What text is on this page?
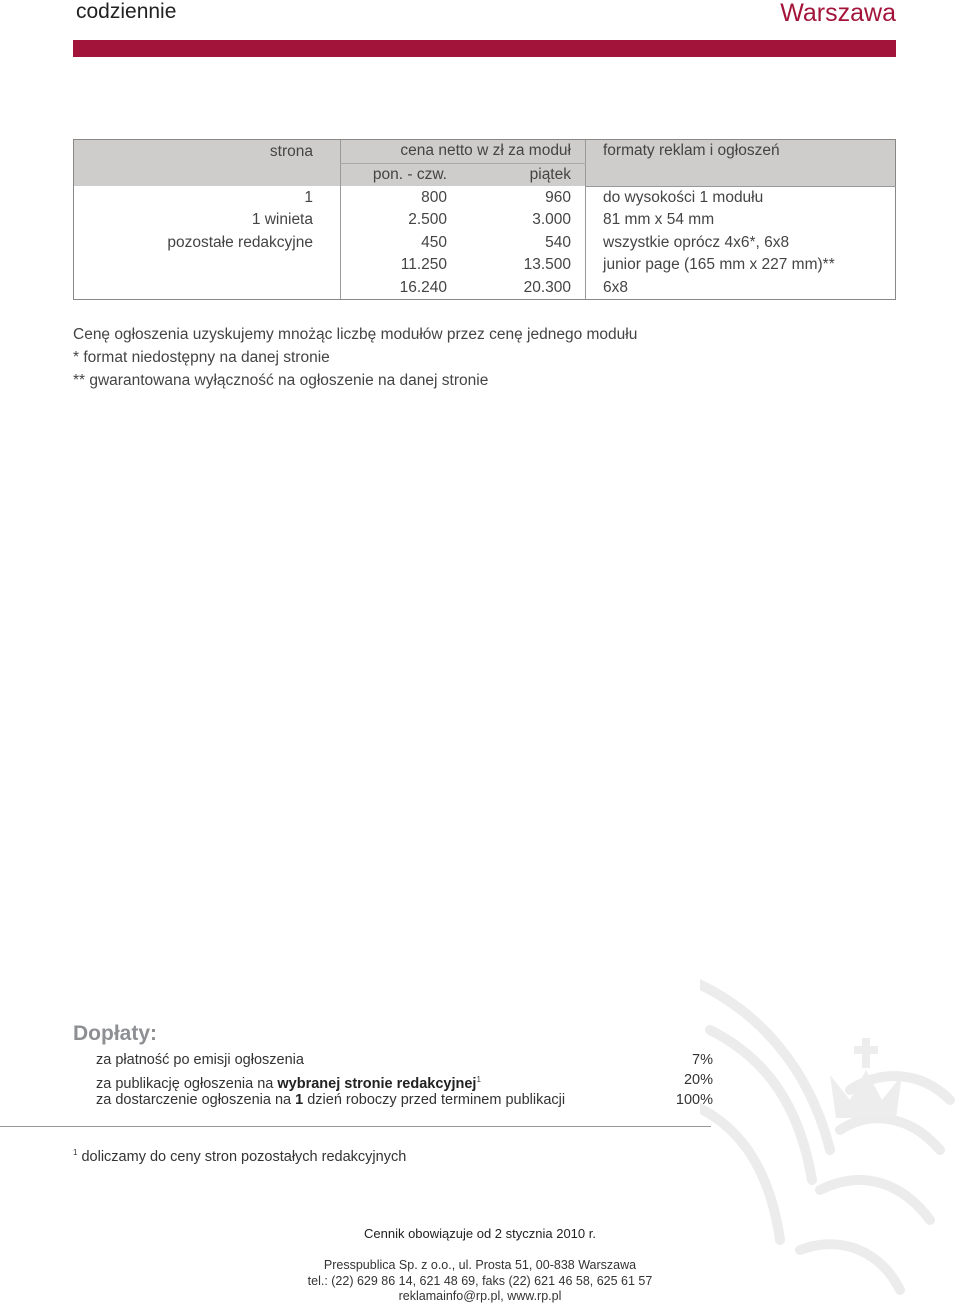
codziennie	Warszawa
strona	cena netto w zł za moduł		formaty reklam i ogłoszeń
	pon. - czw.	piątek	
1	800	960	do wysokości 1 modułu
1 winieta	2.500	3.000	81 mm x 54 mm
pozostałe redakcyjne	450	540	wszystkie oprócz 4x6*, 6x8
	11.250	13.500	junior page (165 mm x 227 mm)**
	16.240	20.300	6x8
Cenę ogłoszenia uzyskujemy mnożąc liczbę modułów przez cenę jednego modułu
* format niedostępny na danej stronie
** gwarantowana wyłączność na ogłoszenie na danej stronie
Dopłaty:
za płatność po emisji ogłoszenia	7%
za publikację ogłoszenia na wybranej stronie redakcyjnej$^1$	20%
za dostarczenie ogłoszenia na 1 dzień roboczy przed terminem publikacji	100%
$^1$ doliczamy do ceny stron pozostałych redakcyjnych
Cennik obowiązuje od 2 stycznia 2010 r.
Presspublica Sp. z o.o., ul. Prosta 51, 00-838 Warszawa
tel.: (22) 629 86 14, 621 48 69, faks (22) 621 46 58, 625 61 57
reklamainfo@rp.pl, www.rp.pl
